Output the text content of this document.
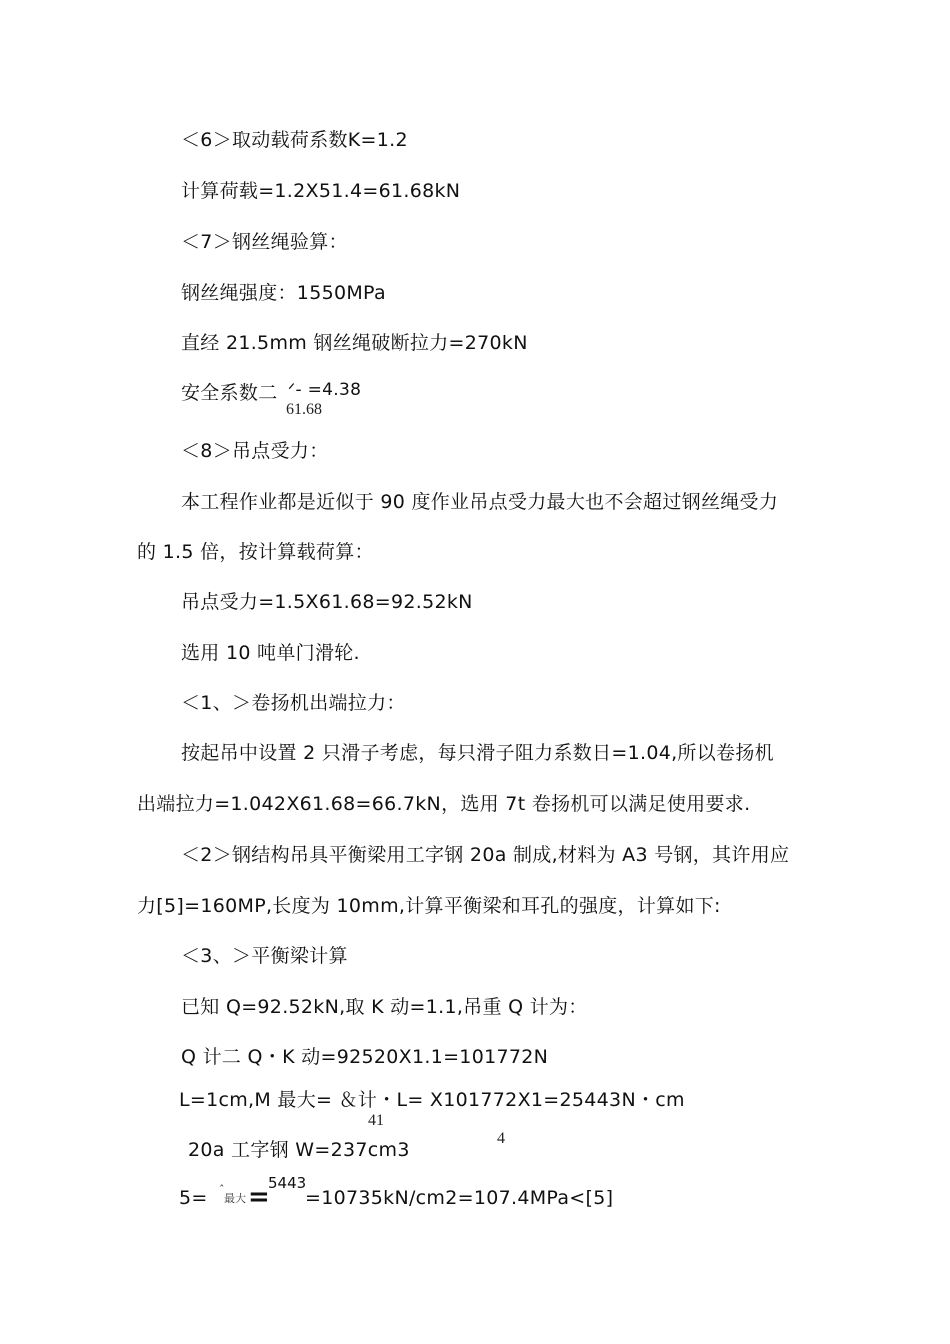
＜6＞取动载荷系数K=1.2
计算荷载=1.2X51.4=61.68kN
＜7＞钢丝绳验算：
钢丝绳强度：1550MPa
直经 21.5mm 钢丝绳破断拉力=270kN
安全系数二 ᐟ- =4.38
61.68
＜8＞吊点受力：
本工程作业都是近似于 90 度作业吊点受力最大也不会超过钢丝绳受力
的 1.5 倍，按计算载荷算：
吊点受力=1.5X61.68=92.52kN
选用 10 吨单门滑轮.
＜1、＞卷扬机出端拉力：
按起吊中设置 2 只滑子考虑，每只滑子阻力系数日=1.04,所以卷扬机
出端拉力=1.042X61.68=66.7kN，选用 7t 卷扬机可以满足使用要求.
＜2＞钢结构吊具平衡梁用工字钢 20a 制成,材料为 A3 号钢，其许用应
力[5]=160MP,长度为 10mm,计算平衡梁和耳孔的强度，计算如下:
＜3、＞平衡梁计算
已知 Q=92.52kN,取 K 动=1.1,吊重 Q 计为：
Q 计二 Q・K 动=92520X1.1=101772N
L=1cm,M 最大= ＆计・L= X101772X1=25443N・cm
41
4
20a 工字钢 W=237cm3
5= ˆ
最大 =
5443
=10735kN/cm2=107.4MPa<[5]
